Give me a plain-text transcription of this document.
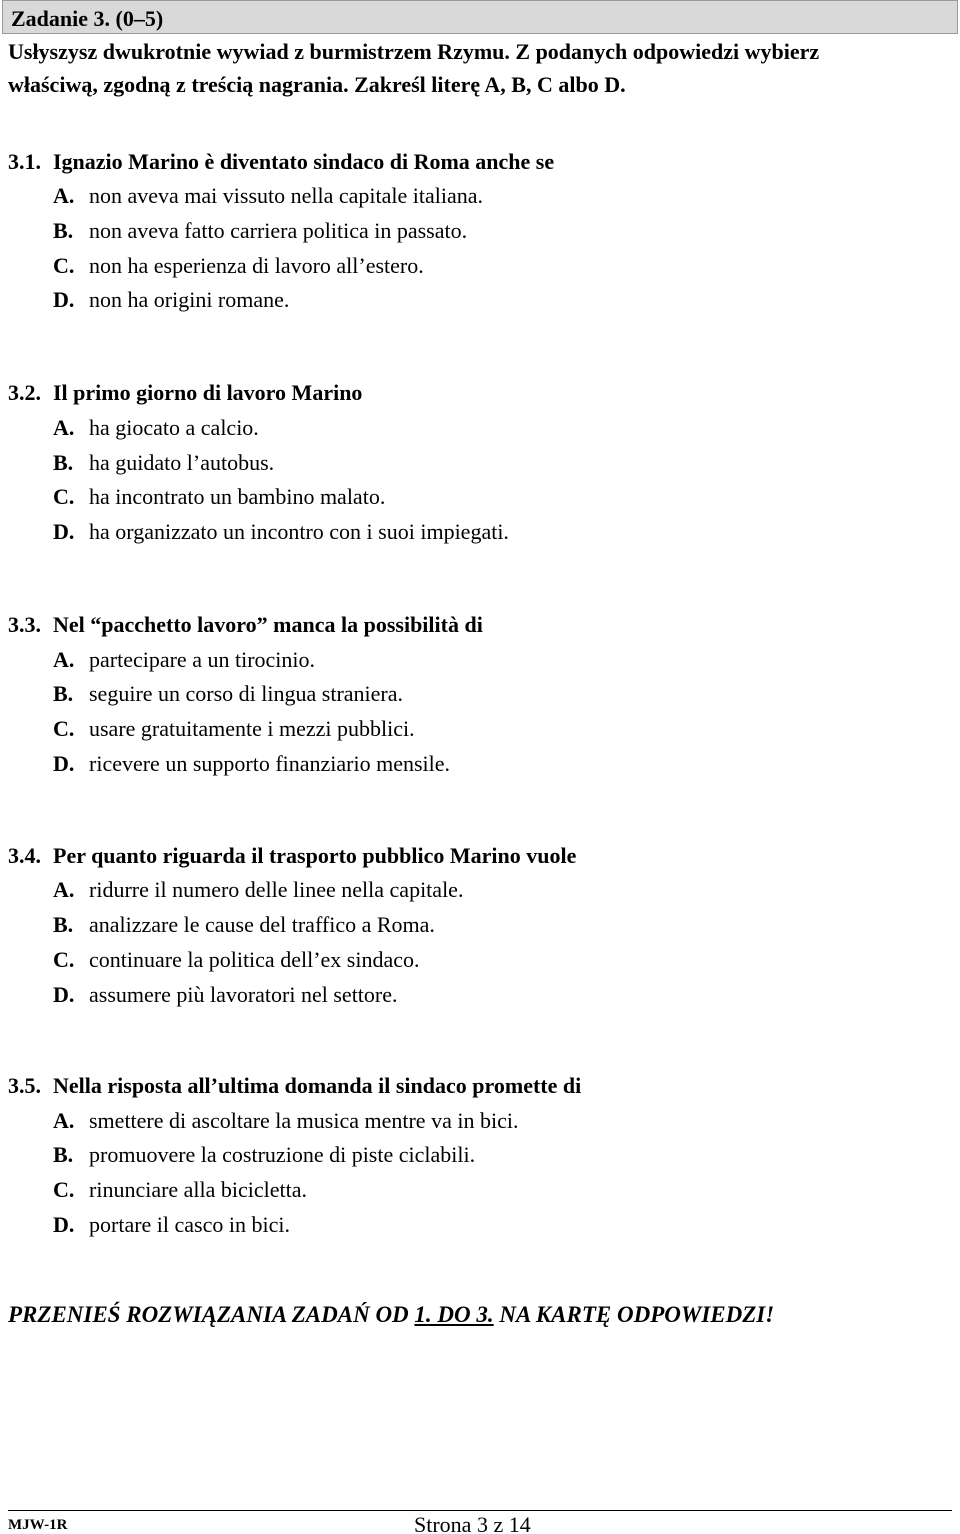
Zadanie 3. (0–5)
Usłyszysz dwukrotnie wywiad z burmistrzem Rzymu. Z podanych odpowiedzi wybierz
właściwą, zgodną z treścią nagrania. Zakreśl literę A, B, C albo D.
3.1. Ignazio Marino è diventato sindaco di Roma anche se
A. non aveva mai vissuto nella capitale italiana.
B. non aveva fatto carriera politica in passato.
C. non ha esperienza di lavoro all’estero.
D. non ha origini romane.
3.2. Il primo giorno di lavoro Marino
A. ha giocato a calcio.
B. ha guidato l’autobus.
C. ha incontrato un bambino malato.
D. ha organizzato un incontro con i suoi impiegati.
3.3. Nel “pacchetto lavoro” manca la possibilità di
A. partecipare a un tirocinio.
B. seguire un corso di lingua straniera.
C. usare gratuitamente i mezzi pubblici.
D. ricevere un supporto finanziario mensile.
3.4. Per quanto riguarda il trasporto pubblico Marino vuole
A. ridurre il numero delle linee nella capitale.
B. analizzare le cause del traffico a Roma.
C. continuare la politica dell’ex sindaco.
D. assumere più lavoratori nel settore.
3.5. Nella risposta all’ultima domanda il sindaco promette di
A. smettere di ascoltare la musica mentre va in bici.
B. promuovere la costruzione di piste ciclabili.
C. rinunciare alla bicicletta.
D. portare il casco in bici.
PRZENIEŚ ROZWIĄZANIA ZADAŃ OD 1. DO 3. NA KARTĘ ODPOWIEDZI!
MJW-1R	Strona 3 z 14
